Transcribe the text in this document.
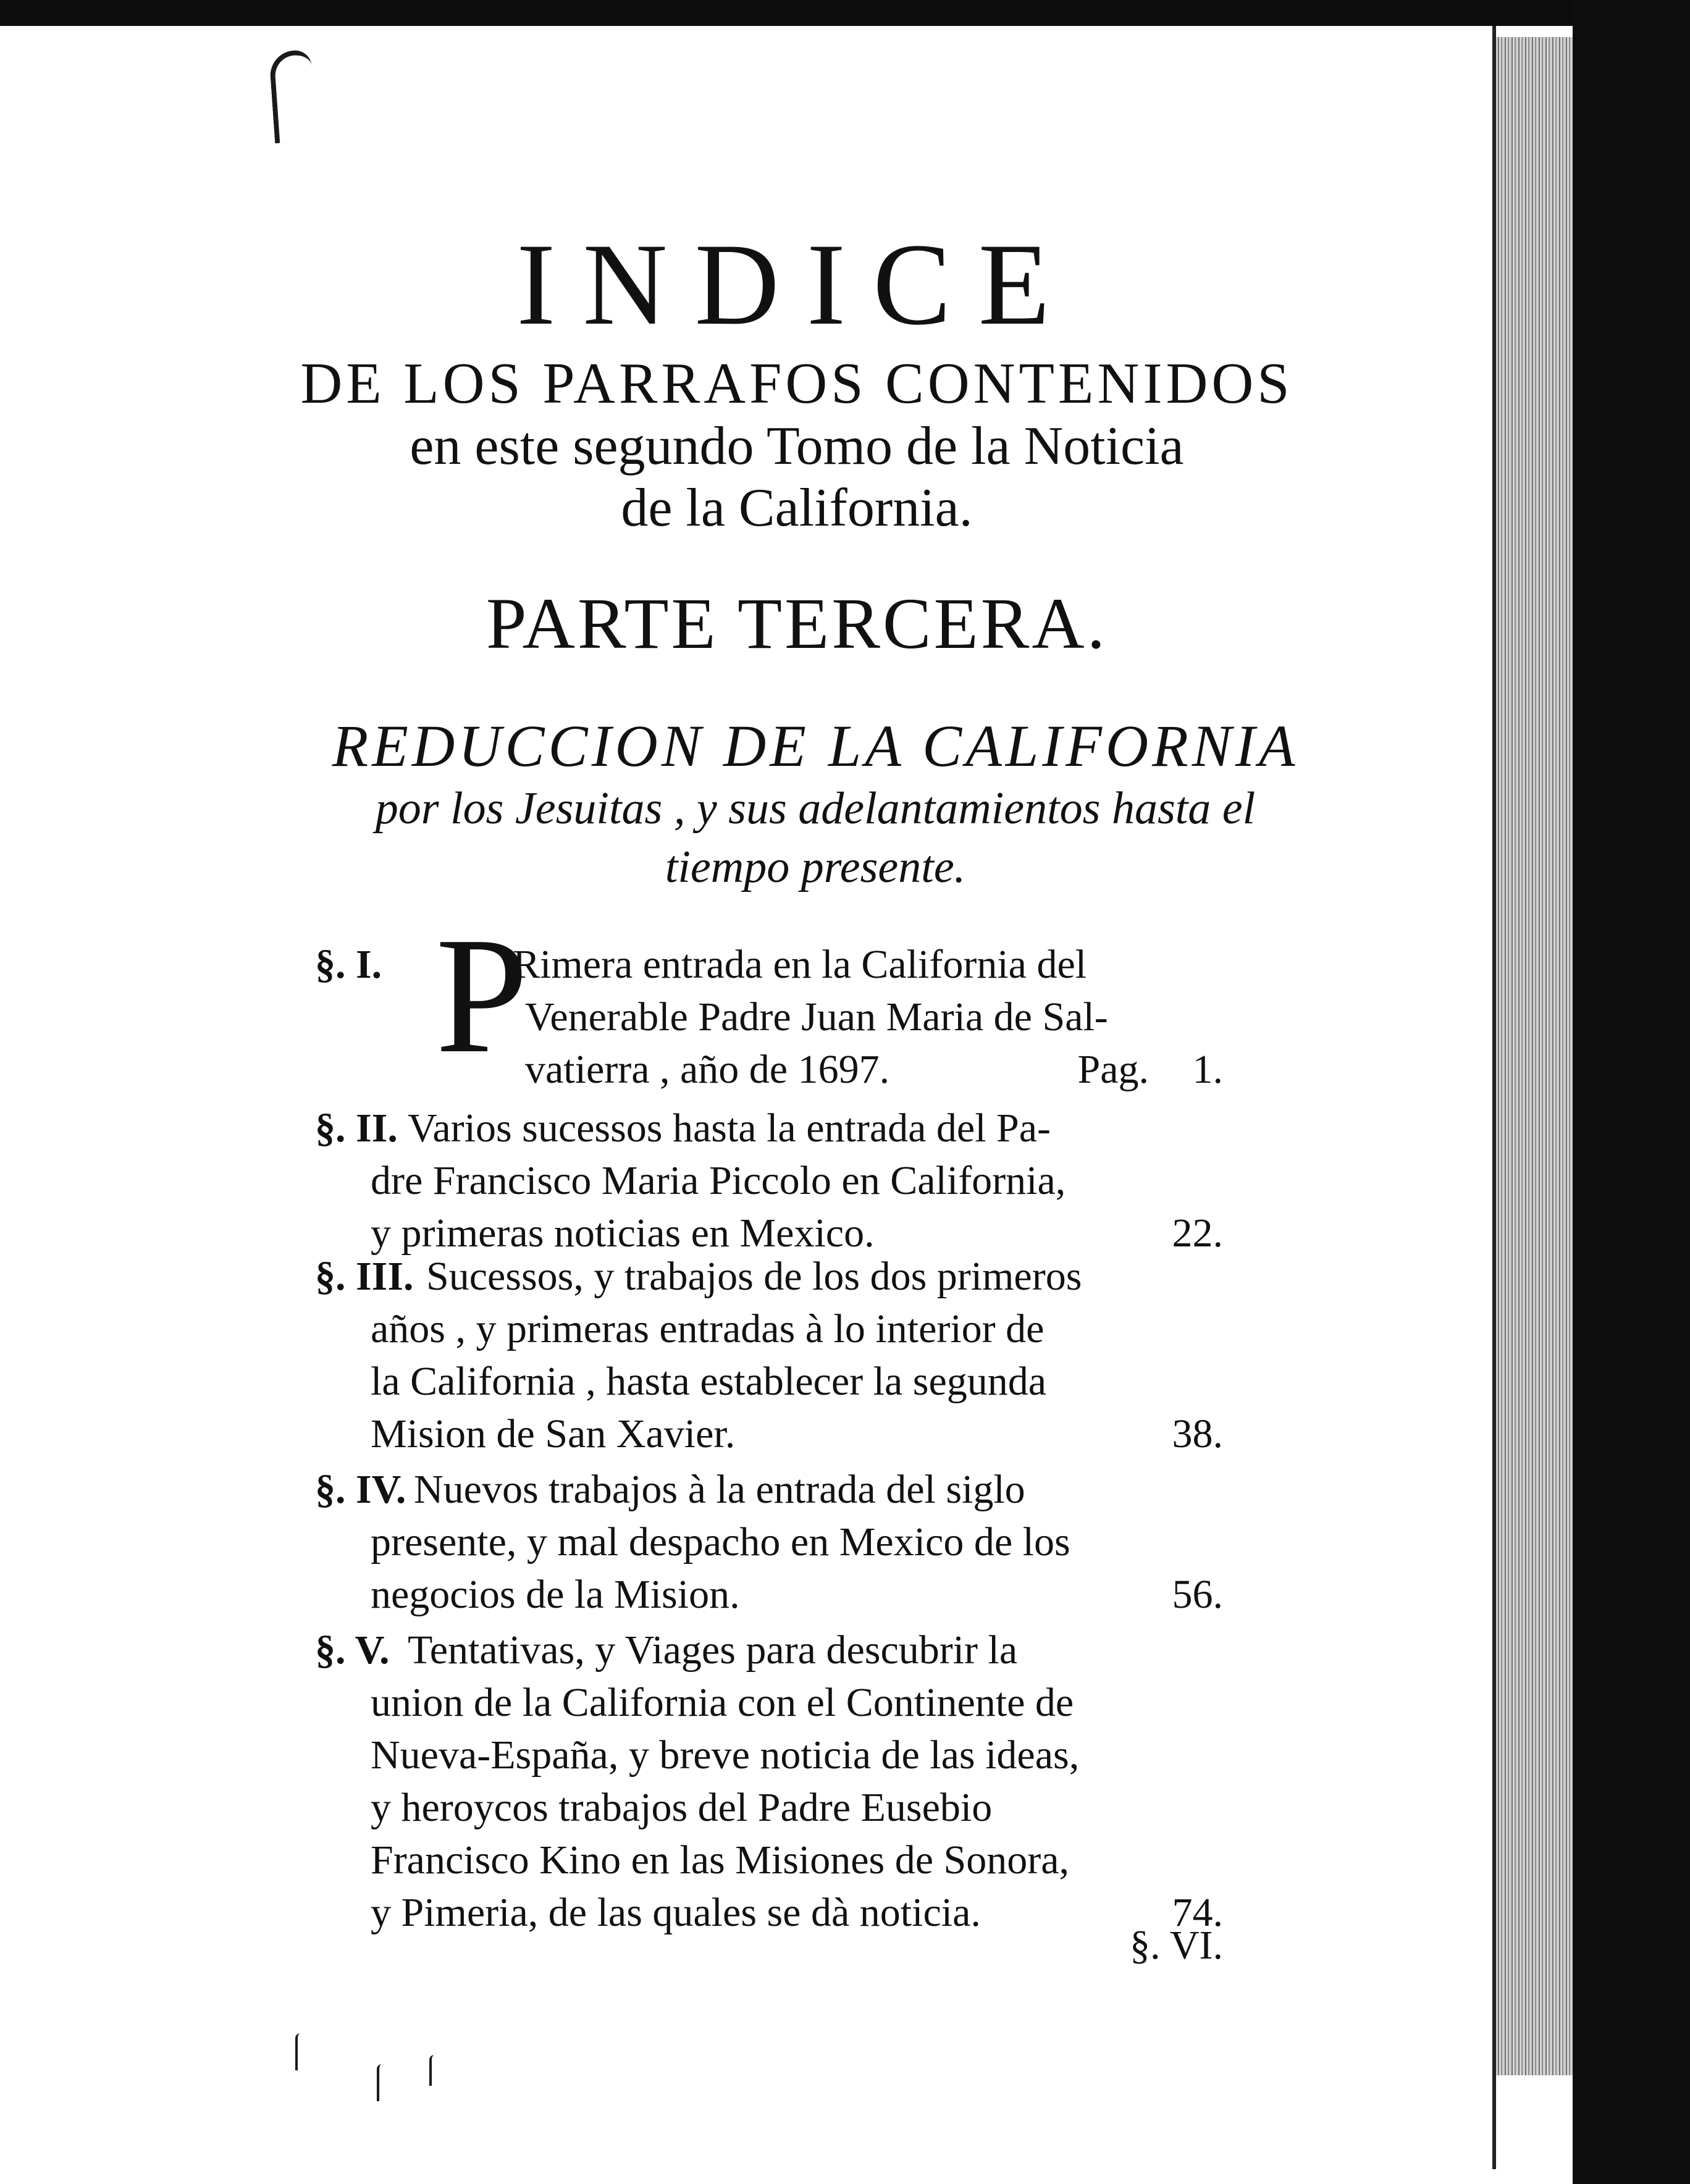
INDICE
DE LOS PARRAFOS CONTENIDOS
en este segundo Tomo de la Noticia
de la California.
PARTE TERCERA.
REDUCCION DE LA CALIFORNIA
por los Jesuitas , y sus adelantamientos hasta el
tiempo presente.
§. I. P
Rimera entrada en la California del
Venerable Padre Juan Maria de Sal-
vatierra , año de 1697.	Pag. 1.
§. II. Varios sucessos hasta la entrada del Pa-
dre Francisco Maria Piccolo en California,
y primeras noticias en Mexico.	22.
§. III. Sucessos, y trabajos de los dos primeros
años , y primeras entradas à lo interior de
la California , hasta establecer la segunda
Mision de San Xavier.	38.
§. IV. Nuevos trabajos à la entrada del siglo
presente, y mal despacho en Mexico de los
negocios de la Mision.	56.
§. V. Tentativas, y Viages para descubrir la
union de la California con el Continente de
Nueva-España, y breve noticia de las ideas,
y heroycos trabajos del Padre Eusebio
Francisco Kino en las Misiones de Sonora,
y Pimeria, de las quales se dà noticia.	74.
§. VI.
